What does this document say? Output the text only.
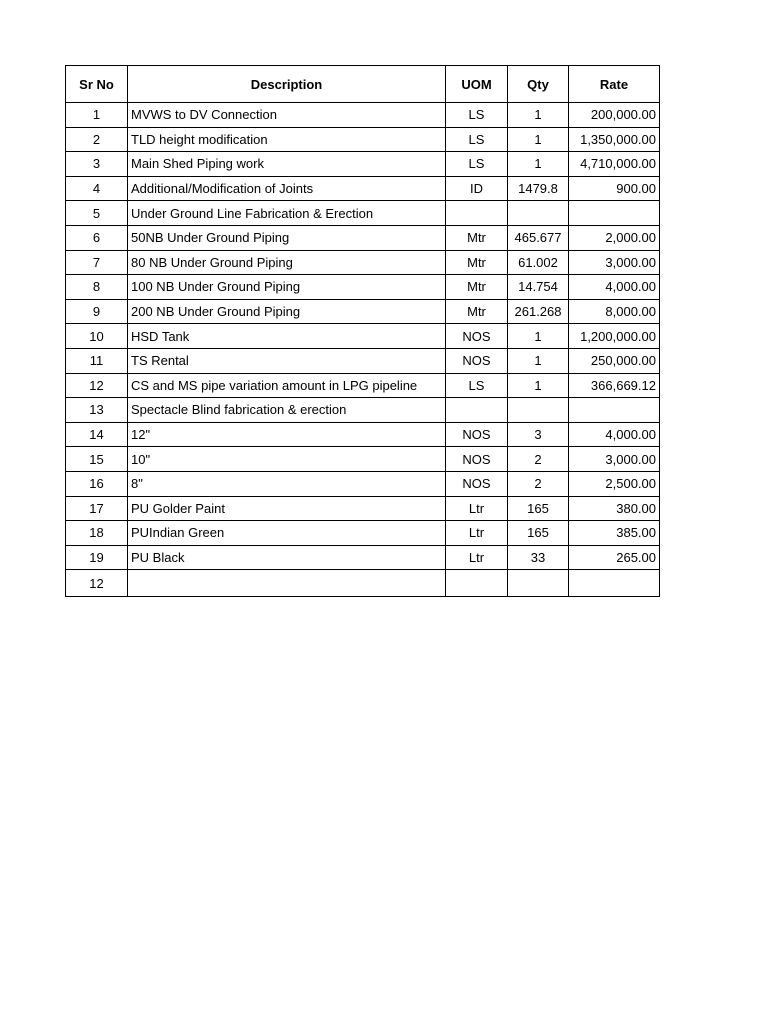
Sr No	Description	UOM	Qty	Rate
1	MVWS to DV Connection	LS	1	200,000.00
2	TLD height modification	LS	1	1,350,000.00
3	Main Shed Piping work	LS	1	4,710,000.00
4	Additional/Modification of Joints	ID	1479.8	900.00
5	Under Ground Line Fabrication & Erection			
6	50NB Under Ground Piping	Mtr	465.677	2,000.00
7	80 NB Under Ground Piping	Mtr	61.002	3,000.00
8	100 NB Under Ground Piping	Mtr	14.754	4,000.00
9	200 NB Under Ground Piping	Mtr	261.268	8,000.00
10	HSD Tank	NOS	1	1,200,000.00
11	TS Rental	NOS	1	250,000.00
12	CS and MS pipe variation amount in LPG pipeline	LS	1	366,669.12
13	Spectacle Blind fabrication & erection			
14	12"	NOS	3	4,000.00
15	10"	NOS	2	3,000.00
16	8"	NOS	2	2,500.00
17	PU Golder Paint	Ltr	165	380.00
18	PUIndian Green	Ltr	165	385.00
19	PU Black	Ltr	33	265.00
12				
